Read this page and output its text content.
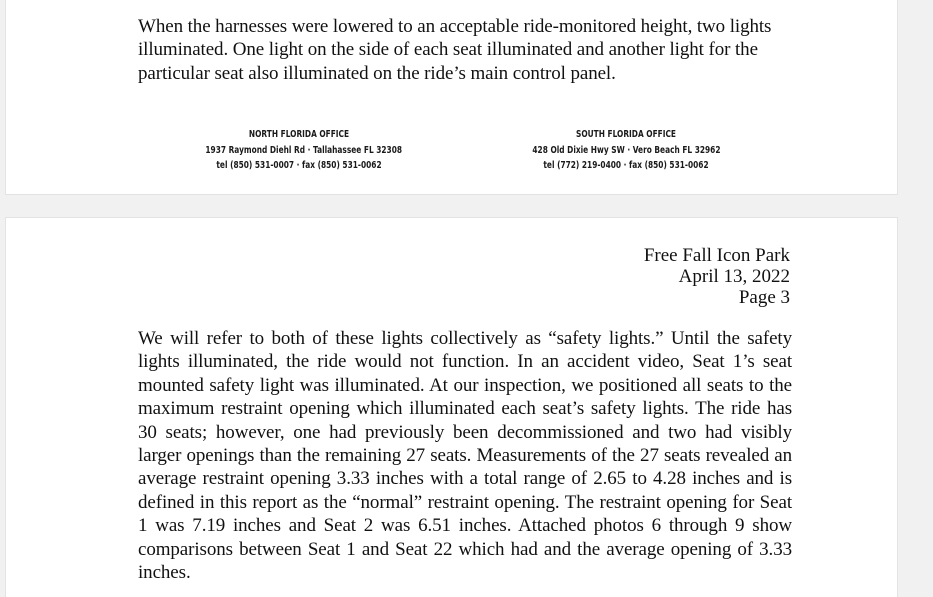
When the harnesses were lowered to an acceptable ride-monitored height, two lights illuminated. One light on the side of each seat illuminated and another light for the particular seat also illuminated on the ride’s main control panel.
NORTH FLORIDA OFFICE
1937 Raymond Diehl Rd · Tallahassee FL 32308
tel (850) 531-0007 · fax (850) 531-0062
SOUTH FLORIDA OFFICE
428 Old Dixie Hwy SW · Vero Beach FL 32962
tel (772) 219-0400 · fax (850) 531-0062
Free Fall Icon Park
April 13, 2022
Page 3
We will refer to both of these lights collectively as “safety lights.” Until the safety lights illuminated, the ride would not function. In an accident video, Seat 1’s seat mounted safety light was illuminated. At our inspection, we positioned all seats to the maximum restraint opening which illuminated each seat’s safety lights. The ride has 30 seats; however, one had previously been decommissioned and two had visibly larger openings than the remaining 27 seats. Measurements of the 27 seats revealed an average restraint opening 3.33 inches with a total range of 2.65 to 4.28 inches and is defined in this report as the “normal” restraint opening. The restraint opening for Seat 1 was 7.19 inches and Seat 2 was 6.51 inches. Attached photos 6 through 9 show comparisons between Seat 1 and Seat 22 which had and the average opening of 3.33 inches.
